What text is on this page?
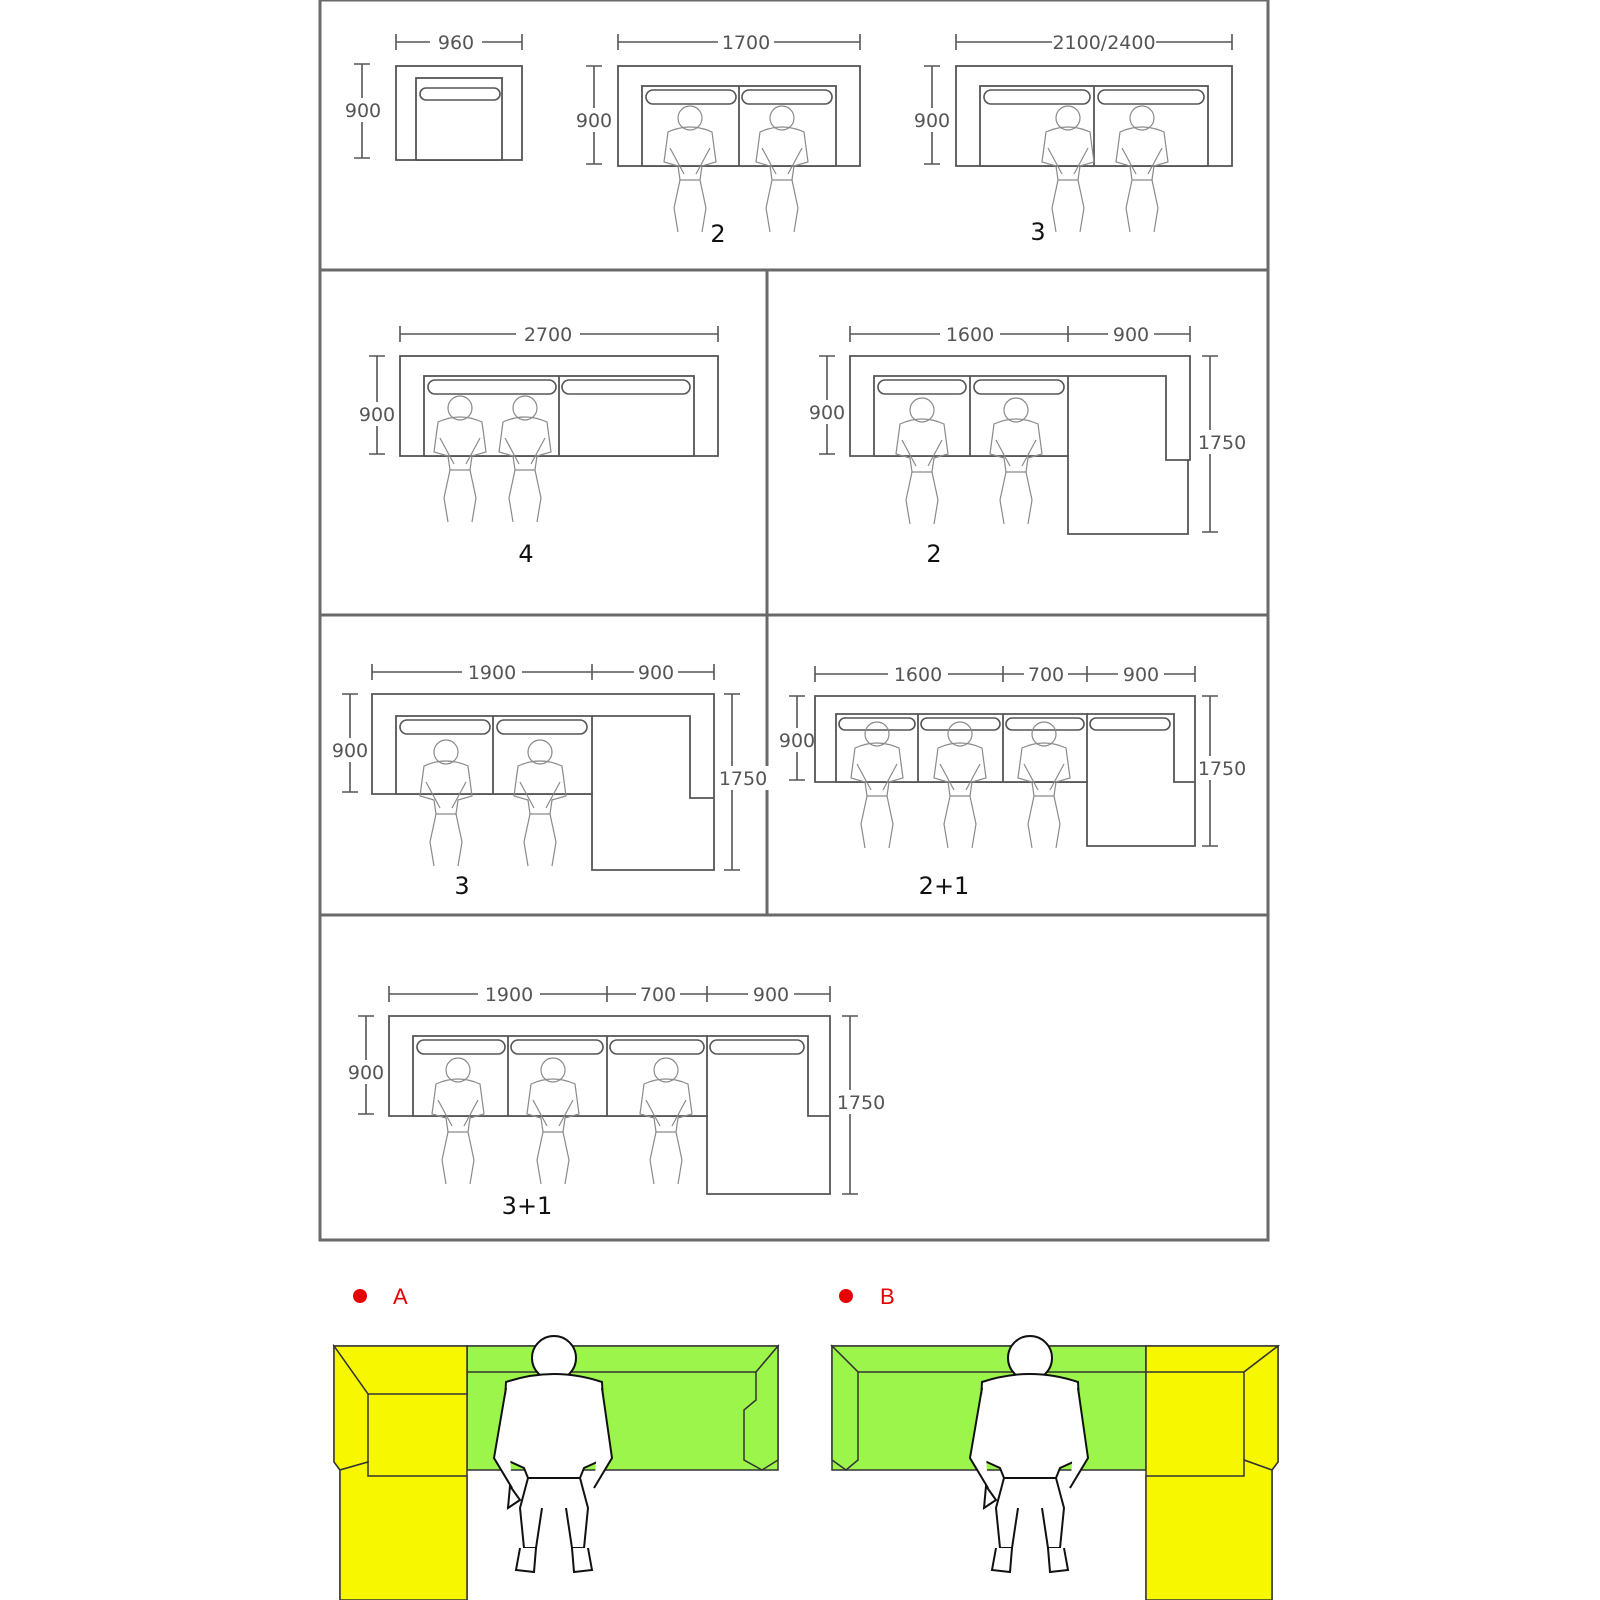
960
900
1700
900
2
2100/2400
900
3
2700
900
4
1600	900
900
1750
2
1900	900
900
1750
3
1600	700	900
900
1750
2+1
1900	700	900
900
1750
3+1
A	B
